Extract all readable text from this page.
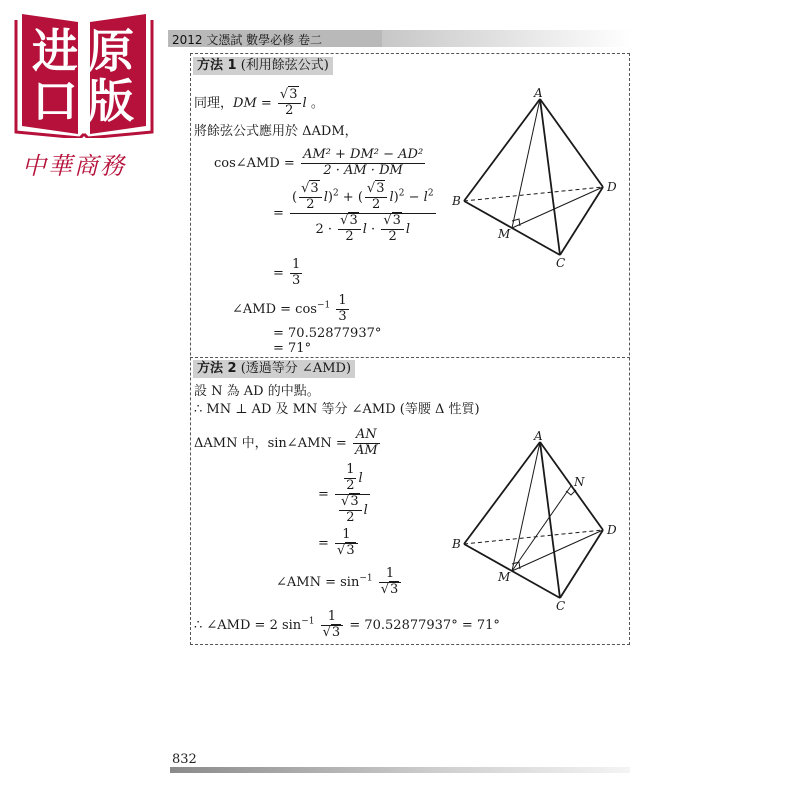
进 原
口 版
中華商務
2012 文憑試 數學必修 卷二
方法 1 (利用餘弦公式)
同理，DM = $\frac{√3}{2}$ l 。
將餘弦公式應用於 ΔADM，
cos∠AMD = $\frac{\text{AM² + DM² − AD²}}{2 \cdot AM \cdot DM}$
= $\frac{( \frac{√3}{2} l)^2 + ( \frac{√3}{2} l)^2 - l^2}{2 \cdot \frac{√3}{2} l \cdot \frac{√3}{2} l}$
= $\frac{1}{3}$
∠AMD = $\cos^{-1} \frac{1}{3}$
= 70.52877937°
= 71°
A
B
C
D
M
方法 2 (透過等分 ∠AMD)
設 N 為 AD 的中點。
∴ MN ⊥ AD 及 MN 等分 ∠AMD (等腰 Δ 性質)
ΔAMN 中，sin∠AMN = $\frac{AN}{AM}$
= $\frac{\frac{1}{2} l}{\frac{√3}{2} l}$
= $\frac{1}{√3}$
∠AMN = $\sin^{-1} \frac{1}{√3}$
∴ ∠AMD = 2 $\sin^{-1} \frac{1}{√3} = 70.52877937^\circ = 71^\circ$
A
B
C
D
M
N
832
